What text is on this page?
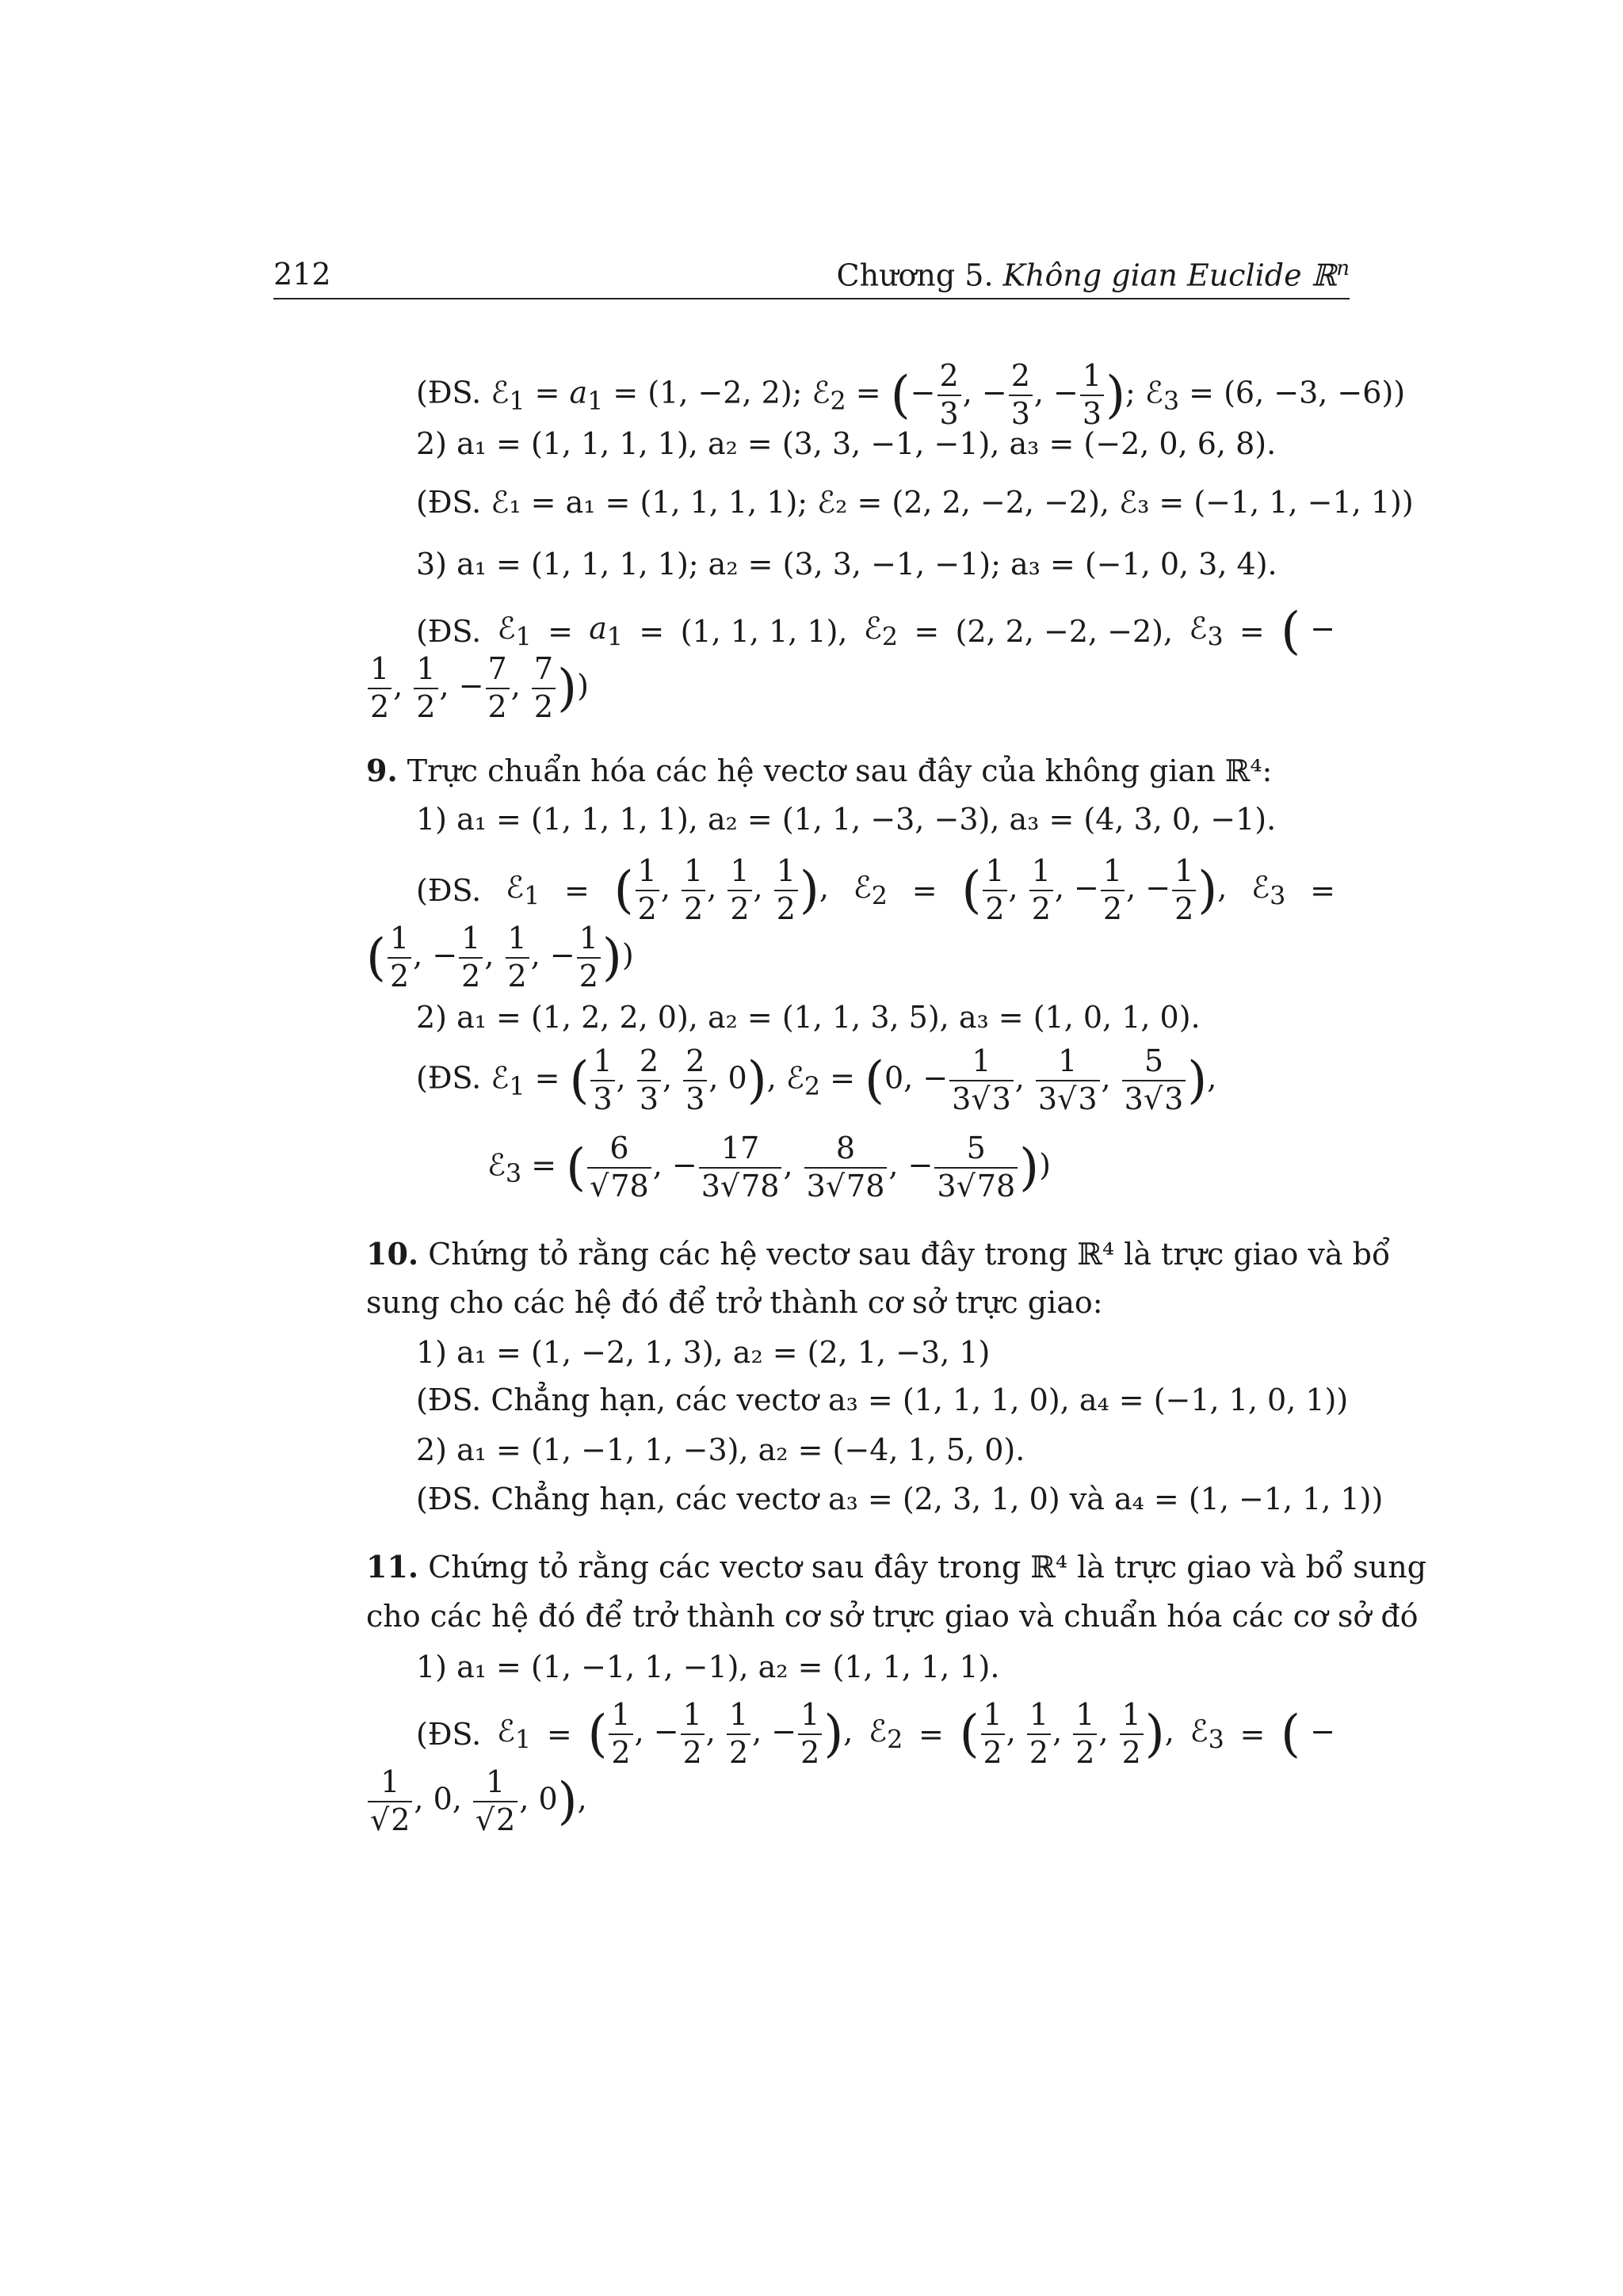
212	Chương 5. Không gian Euclide ℝ$^n$
(ĐS. ℰ$_1$ = $a_1 = (1$, −2, 2); ℰ$_2$ = (− $\frac{2}{3}$ , − $\frac{2}{3}$ , − $\frac{1}{3}$ ); ℰ$_3$ = (6, −3, −6))
2) a₁ = (1, 1, 1, 1), a₂ = (3, 3, −1, −1), a₃ = (−2, 0, 6, 8).
(ĐS. ℰ₁ = a₁ = (1, 1, 1, 1); ℰ₂ = (2, 2, −2, −2), ℰ₃ = (−1, 1, −1, 1))
3) a₁ = (1, 1, 1, 1); a₂ = (3, 3, −1, −1); a₃ = (−1, 0, 3, 4).
(ĐS. ℰ$_1$ = $a_1 = (1$, 1, 1, 1), ℰ$_2$ = (2, 2, −2, −2), ℰ$_3$ = ( −
$\frac{1}{2}$ , $\frac{1}{2}$ , − $\frac{7}{2}$ , $\frac{7}{2}$ ))
9. Trực chuẩn hóa các hệ vectơ sau đây của không gian ℝ⁴:
1) a₁ = (1, 1, 1, 1), a₂ = (1, 1, −3, −3), a₃ = (4, 3, 0, −1).
(ĐS. ℰ$_1$ = ( $\frac{1}{2}$ , $\frac{1}{2}$ , $\frac{1}{2}$ , $\frac{1}{2}$ ), ℰ$_2$ = ( $\frac{1}{2}$ , $\frac{1}{2}$ , − $\frac{1}{2}$ , − $\frac{1}{2}$ ), ℰ$_3$ =
( $\frac{1}{2}$ , − $\frac{1}{2}$ , $\frac{1}{2}$ , − $\frac{1}{2}$ ))
2) a₁ = (1, 2, 2, 0), a₂ = (1, 1, 3, 5), a₃ = (1, 0, 1, 0).
(ĐS. ℰ$_1$ = ( $\frac{1}{3}$ , $\frac{2}{3}$ , $\frac{2}{3}$ , 0), ℰ$_2$ = (0, − $\frac{1}{3√3}$ , $\frac{1}{3√3}$ , $\frac{5}{3√3}$ ),
ℰ$_3$ = ( $\frac{6}{√78}$ , − $\frac{17}{3√78}$ , $\frac{8}{3√78}$ , − $\frac{5}{3√78}$ ))
10. Chứng tỏ rằng các hệ vectơ sau đây trong ℝ⁴ là trực giao và bổ
sung cho các hệ đó để trở thành cơ sở trực giao:
1) a₁ = (1, −2, 1, 3), a₂ = (2, 1, −3, 1)
(ĐS. Chẳng hạn, các vectơ a₃ = (1, 1, 1, 0), a₄ = (−1, 1, 0, 1))
2) a₁ = (1, −1, 1, −3), a₂ = (−4, 1, 5, 0).
(ĐS. Chẳng hạn, các vectơ a₃ = (2, 3, 1, 0) và a₄ = (1, −1, 1, 1))
11. Chứng tỏ rằng các vectơ sau đây trong ℝ⁴ là trực giao và bổ sung
cho các hệ đó để trở thành cơ sở trực giao và chuẩn hóa các cơ sở đó
1) a₁ = (1, −1, 1, −1), a₂ = (1, 1, 1, 1).
(ĐS. ℰ$_1$ = ( $\frac{1}{2}$ , − $\frac{1}{2}$ , $\frac{1}{2}$ , − $\frac{1}{2}$ ), ℰ$_2$ = ( $\frac{1}{2}$ , $\frac{1}{2}$ , $\frac{1}{2}$ , $\frac{1}{2}$ ), ℰ$_3$ = ( −
$\frac{1}{√2}$ , 0, $\frac{1}{√2}$ , 0),
